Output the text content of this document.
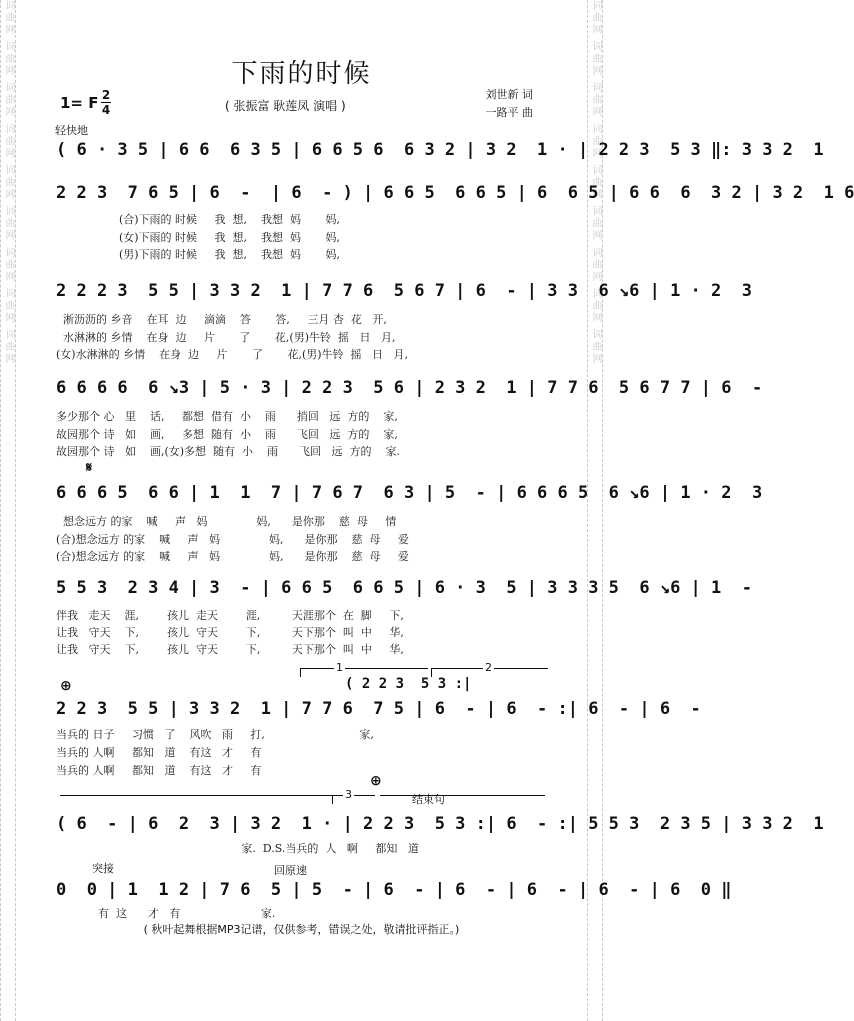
词曲网 词曲网 词曲网 词曲网 词曲网 词曲网 词曲网 词曲网 词曲网	词曲网 词曲网 词曲网 词曲网 词曲网 词曲网 词曲网 词曲网 词曲网
下雨的时候
( 张振富 耿莲凤 演唱 )
刘世新 词
一路平 曲
1= F 2
4
轻快地
( 6 · 3 5 | 6 6  6 3 5 | 6 6 5 6  6 3 2 | 3 2  1 · | 2 2 3  5 3 ‖: 3 3 2  1
2 2 3  7 6 5 | 6  -  | 6  - ) | 6 6 5  6 6 5 | 6  6 5 | 6 6  6  3 2 | 3 2  1 6
(合)下雨的 时候     我  想,    我想  妈       妈,
(女)下雨的 时候     我  想,    我想  妈       妈,
(男)下雨的 时候     我  想,    我想  妈       妈,
2 2 2 3  5 5 | 3 3 2  1 | 7 7 6  5 6 7 | 6  - | 3 3  6 ↘6 | 1 · 2  3
淅沥沥的 乡音    在耳  边     滴滴    答       答,     三月 杏  花   开,
水淋淋的 乡情    在身  边     片       了       花,(男)牛铃  摇   日   月,
(女)水淋淋的 乡情    在身  边     片       了       花,(男)牛铃  摇   日   月,
6 6 6 6  6 ↘3 | 5 · 3 | 2 2 3  5 6 | 2 3 2  1 | 7 7 6  5 6 7 7 | 6  -
多少那个 心   里    话,     都想  借有  小    雨      捎回   远  方的    家,
故园那个 诗   如    画,     多想  随有  小    雨      飞回   远  方的    家,
故园那个 诗   如    画,(女)多想  随有  小    雨      飞回   远  方的    家.
𝄋
6 6 6 5  6 6 | 1  1  7 | 7 6 7  6 3 | 5  - | 6 6 6 5  6 ↘6 | 1 · 2  3
想念远方 的家    喊     声   妈              妈,      是你那    慈  母     情
(合)想念远方 的家    喊     声   妈              妈,      是你那    慈  母     爱
(合)想念远方 的家    喊     声   妈              妈,      是你那    慈  母     爱
5 5 3  2 3 4 | 3  - | 6 6 5  6 6 5 | 6 · 3  5 | 3 3 3 5  6 ↘6 | 1  -
伴我   走天    涯,        孩儿  走天        涯,         天涯那个  在  脚     下,
让我   守天    下,        孩儿  守天        下,         天下那个  叫  中     华,
让我   守天    下,        孩儿  守天        下,         天下那个  叫  中     华,
1	2
( 2 2 3  5 3 :|
⊕
2 2 3  5 5 | 3 3 2  1 | 7 7 6  7 5 | 6  - | 6  - :| 6  - | 6  -
当兵的 日子     习惯   了    风吹   雨     打,                           家,
当兵的 人啊     都知   道    有这   才     有
当兵的 人啊     都知   道    有这   才     有
3
⊕
结束句
( 6  - | 6  2  3 | 3 2  1 · | 2 2 3  5 3 :| 6  - :| 5 5 3  2 3 5 | 3 3 2  1
家.  D.S.当兵的  人   啊     都知   道
突接	回原速
0  0 | 1  1 2 | 7 6  5 | 5  - | 6  - | 6  - | 6  - | 6  - | 6  0 ‖
有  这      才   有                       家.
( 秋叶起舞根据MP3记谱，仅供参考，错误之处，敬请批评指正。)
